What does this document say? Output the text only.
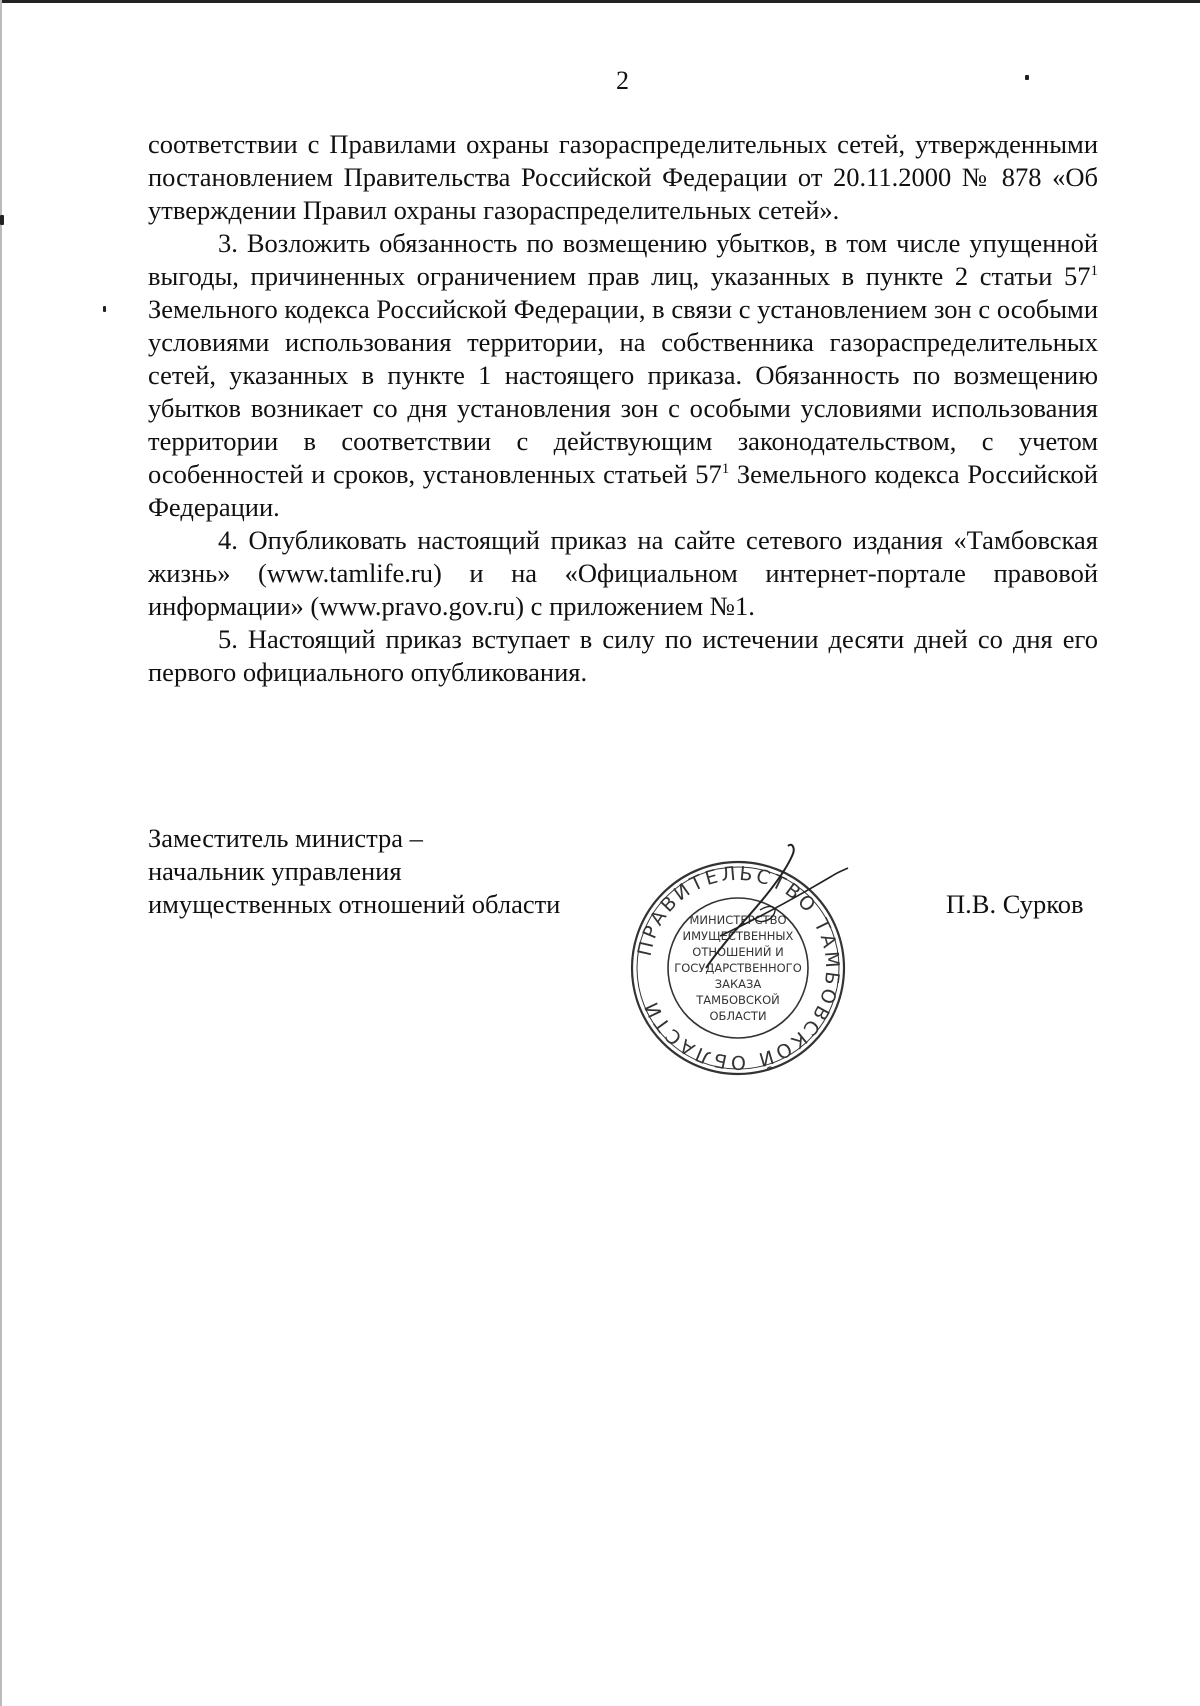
2

соответствии с Правилами охраны газораспределительных сетей, утвержденными постановлением Правительства Российской Федерации от 20.11.2000 № 878 «Об утверждении Правил охраны газораспределительных сетей».

3. Возложить обязанность по возмещению убытков, в том числе упущенной выгоды, причиненных ограничением прав лиц, указанных в пункте 2 статьи $57^1$ Земельного кодекса Российской Федерации, в связи с установлением зон с особыми условиями использования территории, на собственника газораспределительных сетей, указанных в пункте 1 настоящего приказа. Обязанность по возмещению убытков возникает со дня установления зон с особыми условиями использования территории в соответствии с действующим законодательством, с учетом особенностей и сроков, установленных статьей $57^1$ Земельного кодекса Российской Федерации.

4. Опубликовать настоящий приказ на сайте сетевого издания «Тамбовская жизнь» (www.tamlife.ru) и на «Официальном интернет-портале правовой информации» (www.pravo.gov.ru) с приложением №1.

5. Настоящий приказ вступает в силу по истечении десяти дней со дня его первого официального опубликования.

Заместитель министра –
начальник управления
имущественных отношений области
ПРАВИТЕЛЬСТВО ТАМБОВСКОЙ ОБЛАСТИ
МИНИСТЕРСТВО
ИМУЩЕСТВЕННЫХ
ОТНОШЕНИЙ И
ГОСУДАРСТВЕННОГО
ЗАКАЗА
ТАМБОВСКОЙ
ОБЛАСТИ
П.В. Сурков
